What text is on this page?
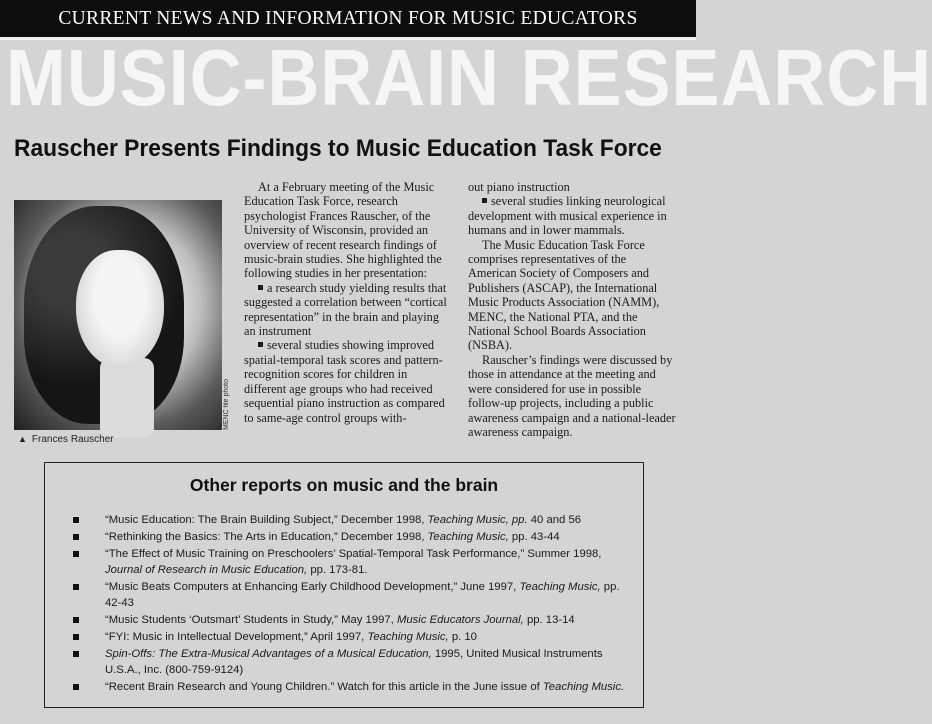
CURRENT NEWS AND INFORMATION FOR MUSIC EDUCATORS
MUSIC-BRAIN RESEARCH
Rauscher Presents Findings to Music Education Task Force
MENC file photo
▲ Frances Rauscher

At a February meeting of the Music Education Task Force, research psychologist Frances Rauscher, of the University of Wisconsin, provided an overview of recent research findings of music-brain studies. She highlighted the following studies in her presentation:

a research study yielding results that suggested a correlation between “cortical representation” in the brain and playing an instrument

several studies showing improved spatial-temporal task scores and pattern-recognition scores for children in different age groups who had received sequential piano instruction as compared to same-age control groups with-

out piano instruction

several studies linking neurological development with musical experience in humans and in lower mammals.

The Music Education Task Force comprises representatives of the American Society of Composers and Publishers (ASCAP), the International Music Products Association (NAMM), MENC, the National PTA, and the National School Boards Association (NSBA).

Rauscher’s findings were discussed by those in attendance at the meeting and were considered for use in possible follow-up projects, including a public awareness campaign and a national-leader awareness campaign.

Other reports on music and the brain
“Music Education: The Brain Building Subject,” December 1998, Teaching Music, pp. 40 and 56
“Rethinking the Basics: The Arts in Education,” December 1998, Teaching Music, pp. 43-44
“The Effect of Music Training on Preschoolers’ Spatial-Temporal Task Performance,” Summer 1998, Journal of Research in Music Education, pp. 173-81.
“Music Beats Computers at Enhancing Early Childhood Development,” June 1997, Teaching Music, pp. 42-43
“Music Students ‘Outsmart’ Students in Study,” May 1997, Music Educators Journal, pp. 13-14
“FYI: Music in Intellectual Development,” April 1997, Teaching Music, p. 10
Spin-Offs: The Extra-Musical Advantages of a Musical Education, 1995, United Musical Instruments U.S.A., Inc. (800-759-9124)
“Recent Brain Research and Young Children.” Watch for this article in the June issue of Teaching Music.
